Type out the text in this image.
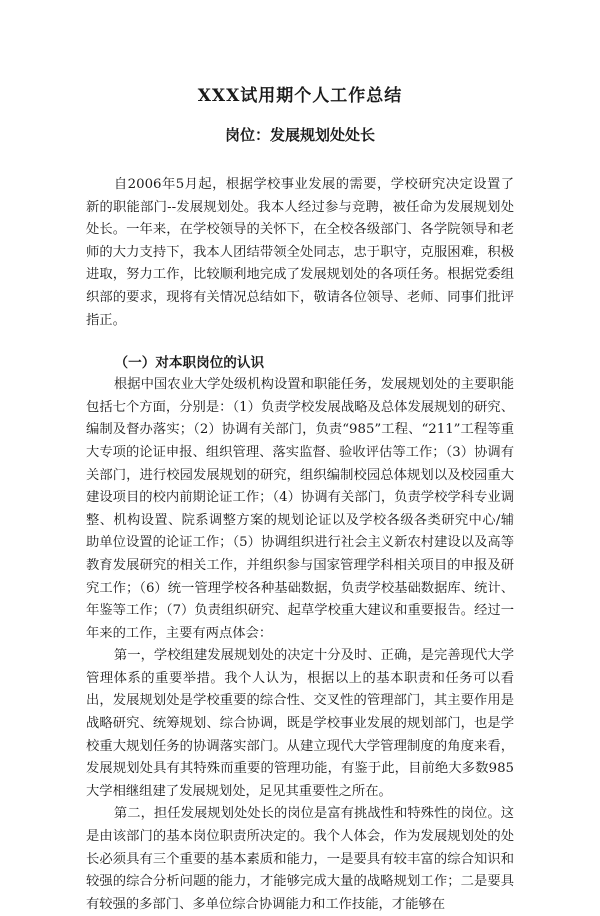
XXX试用期个人工作总结
岗位：发展规划处处长

自2006年5月起，根据学校事业发展的需要，学校研究决定设置了新的职能部门--发展规划处。我本人经过参与竞聘，被任命为发展规划处处长。一年来，在学校领导的关怀下，在全校各级部门、各学院领导和老师的大力支持下，我本人团结带领全处同志，忠于职守，克服困难，积极进取，努力工作，比较顺利地完成了发展规划处的各项任务。根据党委组织部的要求，现将有关情况总结如下，敬请各位领导、老师、同事们批评指正。

（一）对本职岗位的认识

根据中国农业大学处级机构设置和职能任务，发展规划处的主要职能包括七个方面，分别是：（1）负责学校发展战略及总体发展规划的研究、编制及督办落实；（2）协调有关部门，负责“985”工程、“211”工程等重大专项的论证申报、组织管理、落实监督、验收评估等工作；（3）协调有关部门，进行校园发展规划的研究，组织编制校园总体规划以及校园重大建设项目的校内前期论证工作；（4）协调有关部门，负责学校学科专业调整、机构设置、院系调整方案的规划论证以及学校各级各类研究中心/辅助单位设置的论证工作；（5）协调组织进行社会主义新农村建设以及高等教育发展研究的相关工作，并组织参与国家管理学科相关项目的申报及研究工作；（6）统一管理学校各种基础数据，负责学校基础数据库、统计、年鉴等工作；（7）负责组织研究、起草学校重大建议和重要报告。经过一年来的工作，主要有两点体会：

第一，学校组建发展规划处的决定十分及时、正确，是完善现代大学管理体系的重要举措。我个人认为，根据以上的基本职责和任务可以看出，发展规划处是学校重要的综合性、交叉性的管理部门，其主要作用是战略研究、统筹规划、综合协调，既是学校事业发展的规划部门，也是学校重大规划任务的协调落实部门。从建立现代大学管理制度的角度来看，发展规划处具有其特殊而重要的管理功能，有鉴于此，目前绝大多数985大学相继组建了发展规划处，足见其重要性之所在。

第二，担任发展规划处处长的岗位是富有挑战性和特殊性的岗位。这是由该部门的基本岗位职责所决定的。我个人体会，作为发展规划处的处长必须具有三个重要的基本素质和能力，一是要具有较丰富的综合知识和较强的综合分析问题的能力，才能够完成大量的战略规划工作；二是要具有较强的多部门、多单位综合协调能力和工作技能，才能够在
